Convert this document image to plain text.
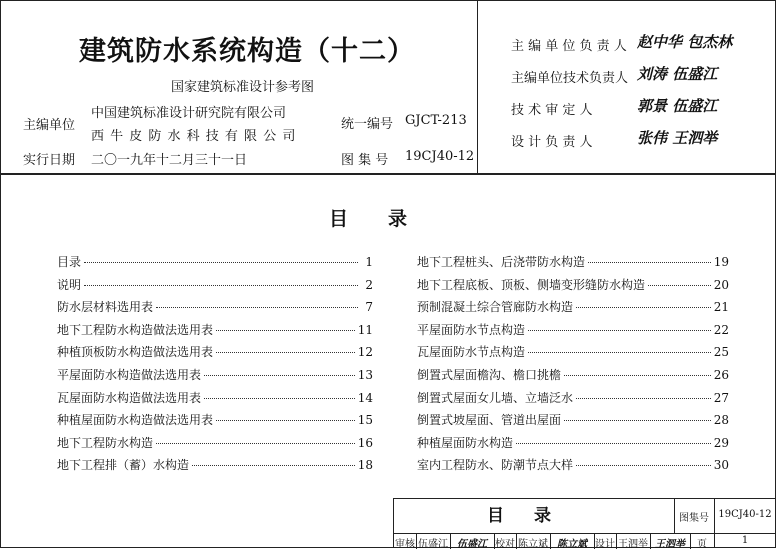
建筑防水系统构造（十二）
国家建筑标准设计参考图
主编单位
中国建筑标准设计研究院有限公司
西 牛 皮 防 水 科 技 有 限 公 司
统一编号 GJCT-213
实行日期 二〇一九年十二月三十一日	图 集 号 19CJ40-12
主 编 单 位 负 责 人 赵中华 包杰林
主编单位技术负责人 刘涛 伍盛江
技 术 审 定 人	郭景 伍盛江
设 计 负 责 人	张伟 王泗举
目录
目录	1
说明	2
防水层材料选用表	7
地下工程防水构造做法选用表	11
种植顶板防水构造做法选用表	12
平屋面防水构造做法选用表	13
瓦屋面防水构造做法选用表	14
种植屋面防水构造做法选用表	15
地下工程防水构造	16
地下工程排（蓄）水构造	18
地下工程桩头、后浇带防水构造	19
地下工程底板、顶板、侧墙变形缝防水构造	20
预制混凝土综合管廊防水构造	21
平屋面防水节点构造	22
瓦屋面防水节点构造	25
倒置式屋面檐沟、檐口挑檐	26
倒置式屋面女儿墙、立墙泛水	27
倒置式坡屋面、管道出屋面	28
种植屋面防水构造	29
室内工程防水、防潮节点大样	30
目录	图集号 19CJ40-12
审核 伍盛江 伍盛江 校对 陈立斌 陈立斌 设计 王泗举 王泗举	页	1
